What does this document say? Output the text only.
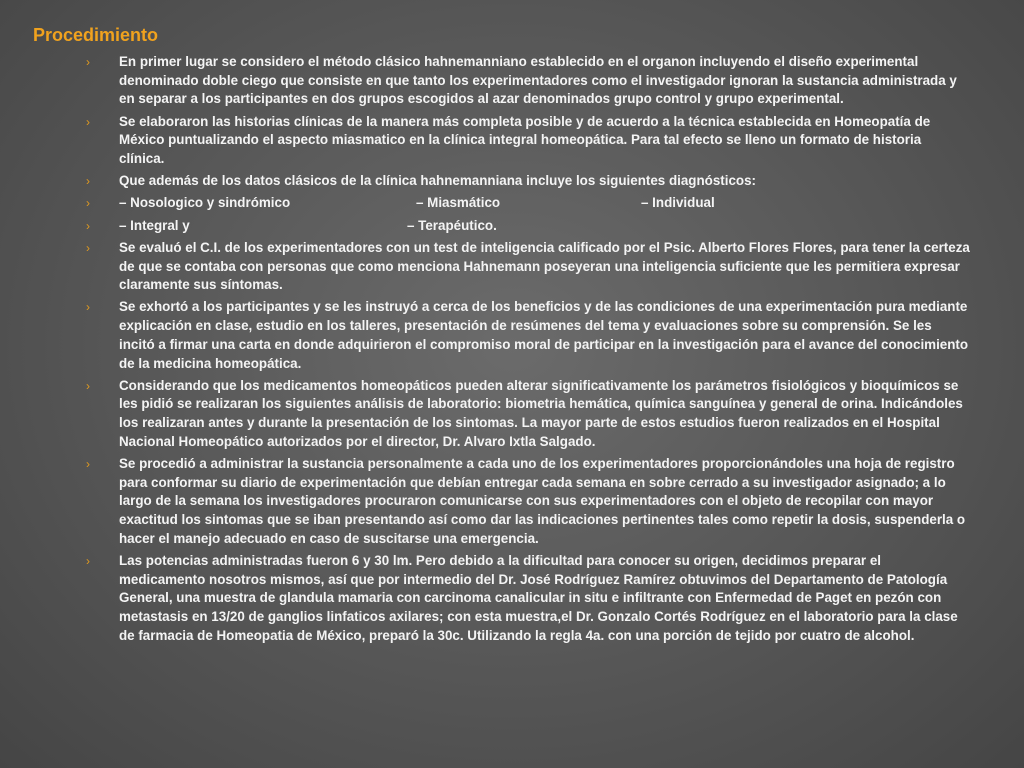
Procedimiento
› En primer lugar se considero el método clásico hahnemanniano establecido en el organon incluyendo el diseño experimental denominado doble ciego que consiste en que tanto los experimentadores como el investigador ignoran la sustancia administrada y en separar a los participantes en dos grupos escogidos al azar denominados grupo control y grupo experimental.
› Se elaboraron las historias clínicas de la manera más completa posible y de acuerdo a la técnica establecida en Homeopatía de México puntualizando el aspecto miasmatico en la clínica integral homeopática. Para tal efecto se lleno un formato de historia clínica.
› Que además de los datos clásicos de la clínica hahnemanniana incluye los siguientes diagnósticos:
› – Nosologico y sindrómico	– Miasmático	– Individual
› – Integral y	– Terapéutico.
› Se evaluó el C.I. de los experimentadores con un test de inteligencia calificado por el Psic. Alberto Flores Flores, para tener la certeza de que se contaba con personas que como menciona Hahnemann poseyeran una inteligencia suficiente que les permitiera expresar claramente sus síntomas.
› Se exhortó a los participantes y se les instruyó a cerca de los beneficios y de las condiciones de una experimentación pura mediante explicación en clase, estudio en los talleres, presentación de resúmenes del tema y evaluaciones sobre su comprensión. Se les incitó a firmar una carta en donde adquirieron el compromiso moral de participar en la investigación para el avance del conocimiento de la medicina homeopática.
› Considerando que los medicamentos homeopáticos pueden alterar significativamente los parámetros fisiológicos y bioquímicos se les pidió se realizaran los siguientes análisis de laboratorio: biometria hemática, química sanguínea y general de orina. Indicándoles los realizaran antes y durante la presentación de los sintomas. La mayor parte de estos estudios fueron realizados en el Hospital Nacional Homeopático autorizados por el director, Dr. Alvaro Ixtla Salgado.
› Se procedió a administrar la sustancia personalmente a cada uno de los experimentadores proporcionándoles una hoja de registro para conformar su diario de experimentación que debían entregar cada semana en sobre cerrado a su investigador asignado; a lo largo de la semana los investigadores procuraron comunicarse con sus experimentadores con el objeto de recopilar con mayor exactitud los sintomas que se iban presentando así como dar las indicaciones pertinentes tales como repetir la dosis, suspenderla o hacer el manejo adecuado en caso de suscitarse una emergencia.
› Las potencias administradas fueron 6 y 30 lm. Pero debido a la dificultad para conocer su origen, decidimos preparar el medicamento nosotros mismos, así que por intermedio del Dr. José Rodríguez Ramírez obtuvimos del Departamento de Patología General, una muestra de glandula mamaria con carcinoma canalicular in situ e infiltrante con Enfermedad de Paget en pezón con metastasis en 13/20 de ganglios linfaticos axilares; con esta muestra,el Dr. Gonzalo Cortés Rodríguez en el laboratorio para la clase de farmacia de Homeopatia de México, preparó la 30c. Utilizando la regla 4a. con una porción de tejido por cuatro de alcohol.
